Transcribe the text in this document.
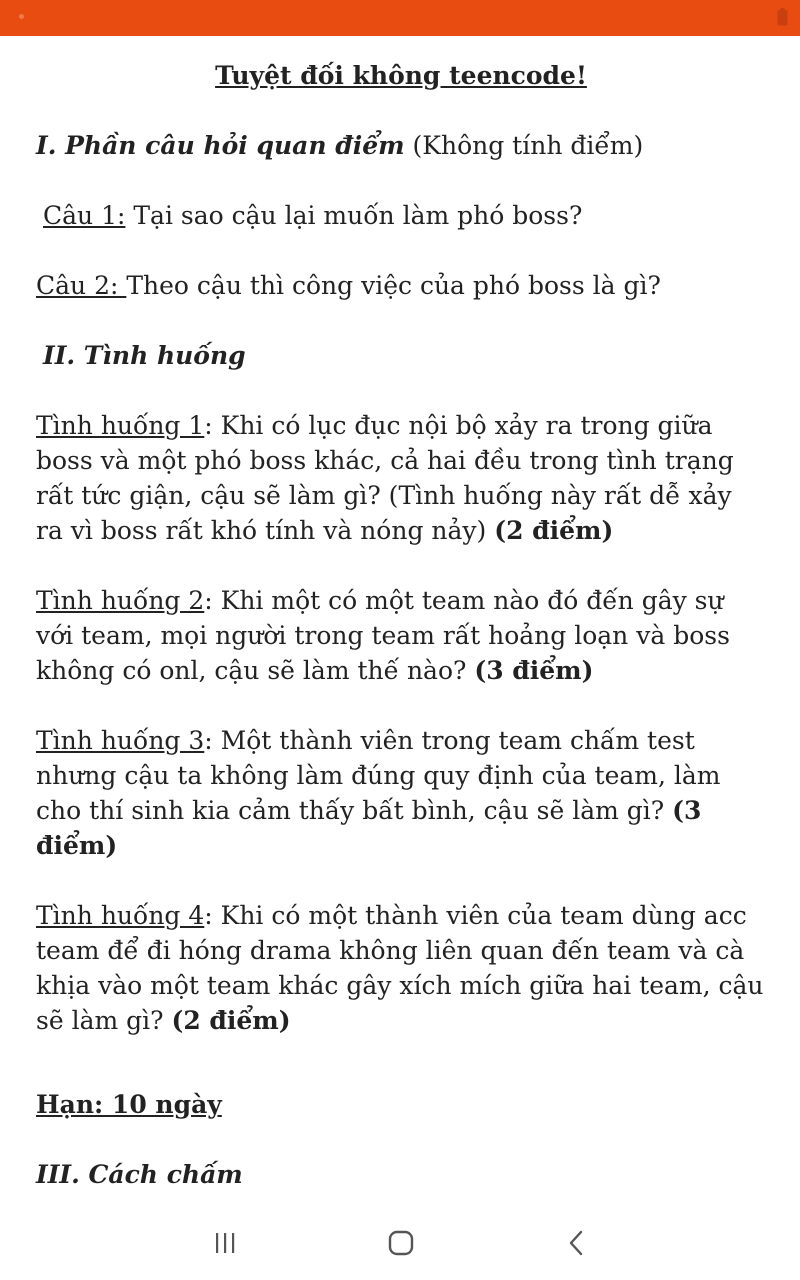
Tuyệt đối không teencode!

I. Phần câu hỏi quan điểm (Không tính điểm)

Câu 1: Tại sao cậu lại muốn làm phó boss?

Câu 2: Theo cậu thì công việc của phó boss là gì?

II. Tình huống

Tình huống 1: Khi có lục đục nội bộ xảy ra trong giữa boss và một phó boss khác, cả hai đều trong tình trạng rất tức giận, cậu sẽ làm gì? (Tình huống này rất dễ xảy ra vì boss rất khó tính và nóng nảy) (2 điểm)

Tình huống 2: Khi một có một team nào đó đến gây sự với team, mọi người trong team rất hoảng loạn và boss không có onl, cậu sẽ làm thế nào? (3 điểm)

Tình huống 3: Một thành viên trong team chấm test nhưng cậu ta không làm đúng quy định của team, làm cho thí sinh kia cảm thấy bất bình, cậu sẽ làm gì? (3 điểm)

Tình huống 4: Khi có một thành viên của team dùng acc team để đi hóng drama không liên quan đến team và cà khịa vào một team khác gây xích mích giữa hai team, cậu sẽ làm gì? (2 điểm)

Hạn: 10 ngày

III. Cách chấm
